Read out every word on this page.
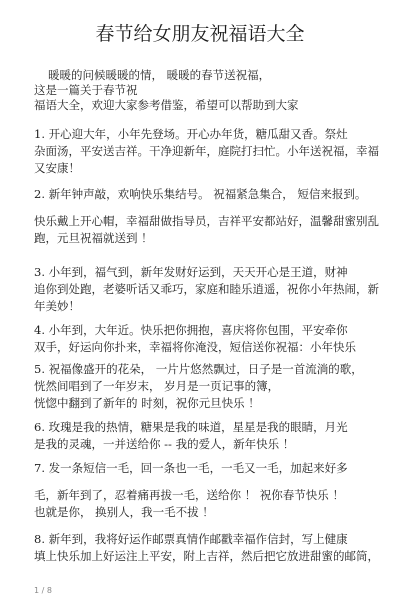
春节给女朋友祝福语大全
暖暖的问候暖暖的情， 暖暖的春节送祝福，
这是一篇关于春节祝
福语大全，欢迎大家参考借鉴，希望可以帮助到大家
1. 开心迎大年，小年先登场。开心办年货，糖瓜甜又香。祭灶
杂面汤，平安送吉祥。干净迎新年，庭院打扫忙。小年送祝福，幸福
又安康！
2. 新年钟声敲，欢响快乐集结号。 祝福紧急集合， 短信来报到。
快乐戴上开心帽，幸福甜做指导员，吉祥平安都站好，温馨甜蜜别乱
跑，元旦祝福就送到 ！
3. 小年到，福气到，新年发财好运到，天天开心是王道，财神
追你到处跑，老婆听话又乖巧，家庭和睦乐逍遥，祝你小年热闹，新
年美妙！
4. 小年到，大年近。快乐把你拥抱，喜庆将你包围，平安牵你
双手，好运向你扑来，幸福将你淹没，短信送你祝福：小年快乐
5. 祝福像盛开的花朵， 一片片悠然飘过，日子是一首流淌的歌，
恍然间唱到了一年岁末， 岁月是一页记事的簿，
恍惚中翻到了新年的 时刻，祝你元旦快乐 ！
6. 玫瑰是我的热情，糖果是我的味道，星星是我的眼睛，月光
是我的灵魂，一并送给你 -- 我的爱人，新年快乐 ！
7. 发一条短信一毛，回一条也一毛，一毛又一毛，加起来好多
毛，新年到了，忍着痛再拔一毛，送给你 ！ 祝你春节快乐 ！
也就是你， 换别人，我一毛不拔 ！
8. 新年到，我将好运作邮票真情作邮戳幸福作信封，写上健康
填上快乐加上好运注上平安，附上吉祥，然后把它放进甜蜜的邮筒，
1 / 8
